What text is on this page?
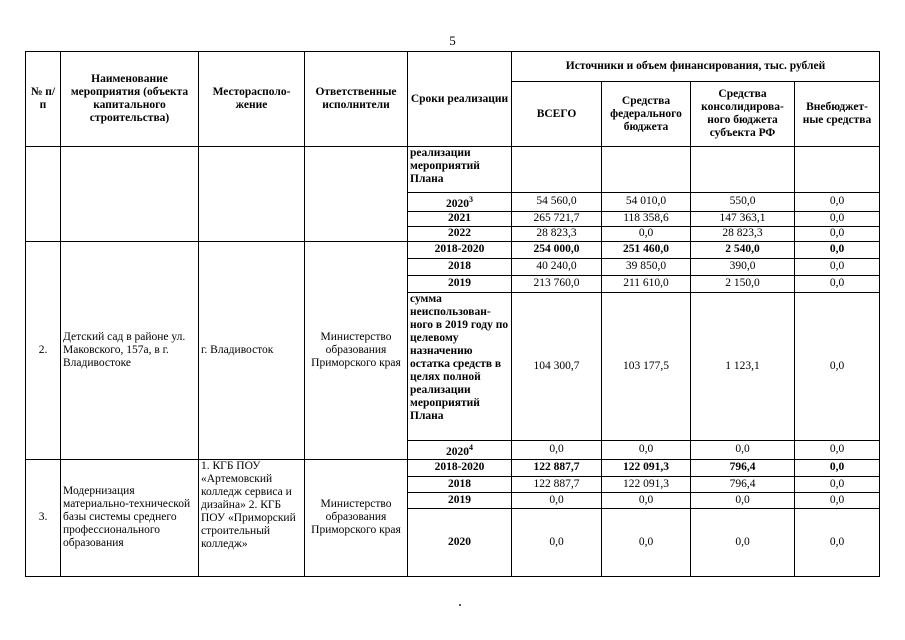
5
№ п/п	Наименование мероприятия (объекта капитального строительства)	Месторасполо-жение	Ответственные исполнители	Сроки реализации	Источники и объем финансирования, тыс. рублей			
					ВСЕГО	Средства федерального бюджета	Средства консолидирова-ного бюджета субъекта РФ	Внебюджет-ные средства
				реализации мероприятий Плана				
				2020$^3$	54 560,0	54 010,0	550,0	0,0
				2021	265 721,7	118 358,6	147 363,1	0,0
				2022	28 823,3	0,0	28 823,3	0,0
2.	Детский сад в районе ул. Маковского, 157а, в г. Владивостоке	г. Владивосток	Министерство образования Приморского края	2018-2020	254 000,0	251 460,0	2 540,0	0,0
				2018	40 240,0	39 850,0	390,0	0,0
				2019	213 760,0	211 610,0	2 150,0	0,0
				сумма неиспользован-ного в 2019 году по целевому назначению остатка средств в целях полной реализации мероприятий Плана	104 300,7	103 177,5	1 123,1	0,0
				2020$^4$	0,0	0,0	0,0	0,0
3.	Модернизация материально-технической базы системы среднего профессионального образования	1. КГБ ПОУ «Артемовский колледж сервиса и дизайна» 2. КГБ ПОУ «Приморский строительный колледж»	Министерство образования Приморского края	2018-2020	122 887,7	122 091,3	796,4	0,0
				2018	122 887,7	122 091,3	796,4	0,0
				2019	0,0	0,0	0,0	0,0
				2020	0,0	0,0	0,0	0,0
